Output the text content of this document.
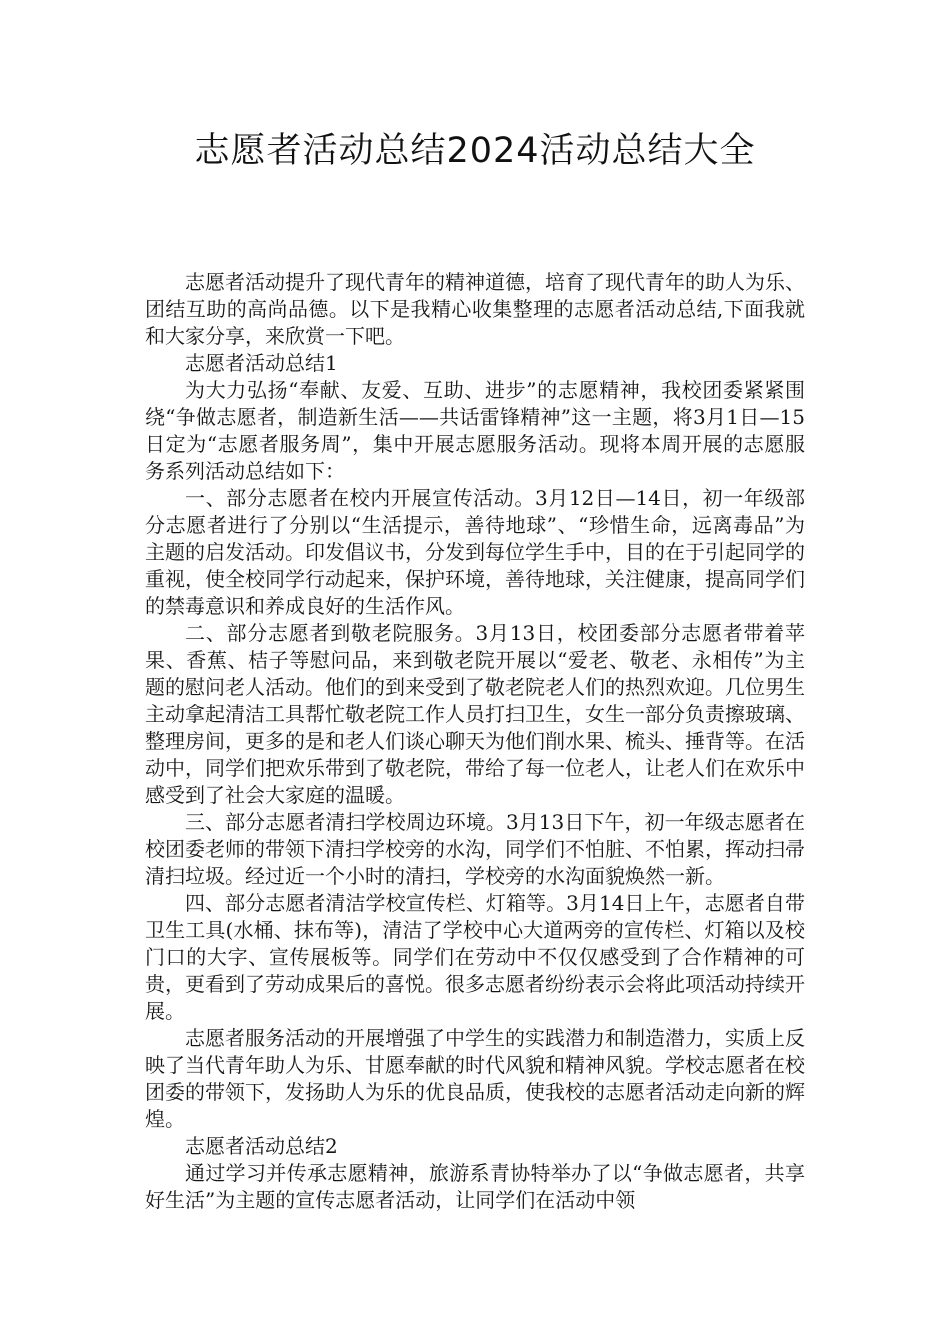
志愿者活动总结2024活动总结大全

志愿者活动提升了现代青年的精神道德，培育了现代青年的助人为乐、团结互助的高尚品德。以下是我精心收集整理的志愿者活动总结,下面我就和大家分享，来欣赏一下吧。

志愿者活动总结1

为大力弘扬“奉献、友爱、互助、进步”的志愿精神，我校团委紧紧围绕“争做志愿者，制造新生活——共话雷锋精神”这一主题，将3月1日—15日定为“志愿者服务周”，集中开展志愿服务活动。现将本周开展的志愿服务系列活动总结如下：

一、部分志愿者在校内开展宣传活动。3月12日—14日，初一年级部分志愿者进行了分别以“生活提示，善待地球”、“珍惜生命，远离毒品”为主题的启发活动。印发倡议书，分发到每位学生手中，目的在于引起同学的重视，使全校同学行动起来，保护环境，善待地球，关注健康，提高同学们的禁毒意识和养成良好的生活作风。

二、部分志愿者到敬老院服务。3月13日，校团委部分志愿者带着苹果、香蕉、桔子等慰问品，来到敬老院开展以“爱老、敬老、永相传”为主题的慰问老人活动。他们的到来受到了敬老院老人们的热烈欢迎。几位男生主动拿起清洁工具帮忙敬老院工作人员打扫卫生，女生一部分负责擦玻璃、整理房间，更多的是和老人们谈心聊天为他们削水果、梳头、捶背等。在活动中，同学们把欢乐带到了敬老院，带给了每一位老人，让老人们在欢乐中感受到了社会大家庭的温暖。

三、部分志愿者清扫学校周边环境。3月13日下午，初一年级志愿者在校团委老师的带领下清扫学校旁的水沟，同学们不怕脏、不怕累，挥动扫帚清扫垃圾。经过近一个小时的清扫，学校旁的水沟面貌焕然一新。

四、部分志愿者清洁学校宣传栏、灯箱等。3月14日上午，志愿者自带卫生工具(水桶、抹布等)，清洁了学校中心大道两旁的宣传栏、灯箱以及校门口的大字、宣传展板等。同学们在劳动中不仅仅感受到了合作精神的可贵，更看到了劳动成果后的喜悦。很多志愿者纷纷表示会将此项活动持续开展。

志愿者服务活动的开展增强了中学生的实践潜力和制造潜力，实质上反映了当代青年助人为乐、甘愿奉献的时代风貌和精神风貌。学校志愿者在校团委的带领下，发扬助人为乐的优良品质，使我校的志愿者活动走向新的辉煌。

志愿者活动总结2

通过学习并传承志愿精神，旅游系青协特举办了以“争做志愿者，共享好生活”为主题的宣传志愿者活动，让同学们在活动中领
